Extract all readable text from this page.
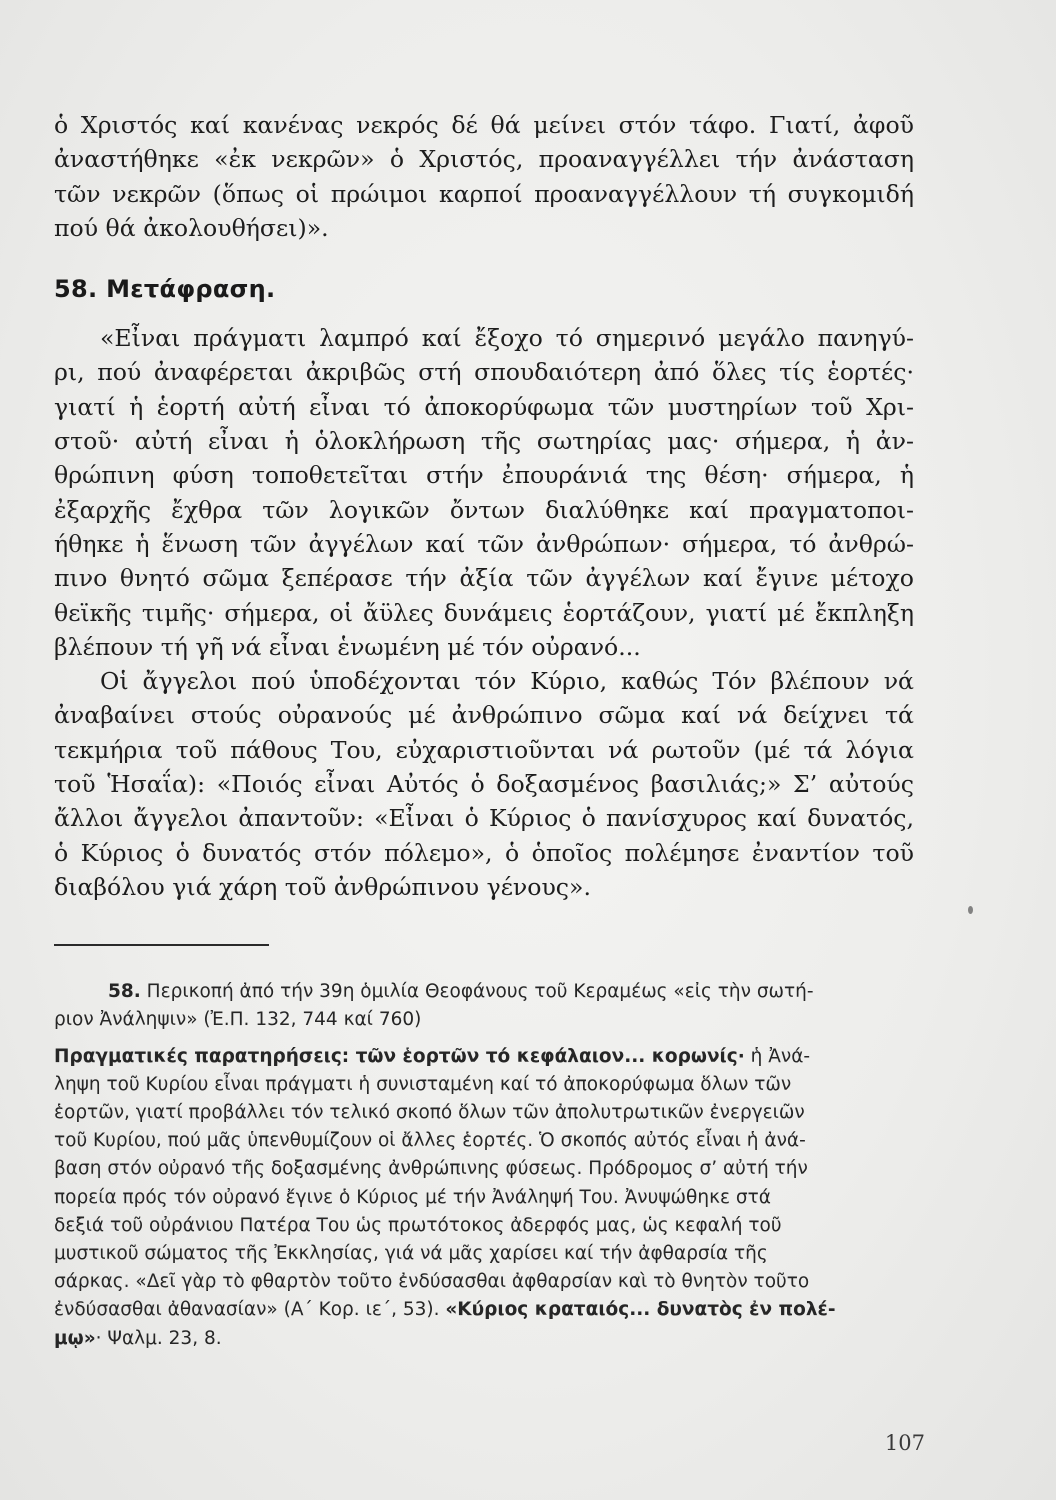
ὁ Χριστός καί κανένας νεκρός δέ θά μείνει στόν τάφο. Γιατί, ἀφοῦ
ἀναστήθηκε «ἐκ νεκρῶν» ὁ Χριστός, προαναγγέλλει τήν ἀνάσταση
τῶν νεκρῶν (ὅπως οἱ πρώιμοι καρποί προαναγγέλλουν τή συγκομιδή
πού θά ἀκολουθήσει)».
58. Μετάφραση.
«Εἶναι πράγματι λαμπρό καί ἔξοχο τό σημερινό μεγάλο πανηγύ-
ρι, πού ἀναφέρεται ἀκριβῶς στή σπουδαιότερη ἀπό ὅλες τίς ἑορτές·
γιατί ἡ ἑορτή αὐτή εἶναι τό ἀποκορύφωμα τῶν μυστηρίων τοῦ Χρι-
στοῦ· αὐτή εἶναι ἡ ὁλοκλήρωση τῆς σωτηρίας μας· σήμερα, ἡ ἀν-
θρώπινη φύση τοποθετεῖται στήν ἐπουράνιά της θέση· σήμερα, ἡ
ἐξαρχῆς ἔχθρα τῶν λογικῶν ὄντων διαλύθηκε καί πραγματοποι-
ήθηκε ἡ ἕνωση τῶν ἀγγέλων καί τῶν ἀνθρώπων· σήμερα, τό ἀνθρώ-
πινο θνητό σῶμα ξεπέρασε τήν ἀξία τῶν ἀγγέλων καί ἔγινε μέτοχο
θεϊκῆς τιμῆς· σήμερα, οἱ ἄϋλες δυνάμεις ἑορτάζουν, γιατί μέ ἔκπληξη
βλέπουν τή γῆ νά εἶναι ἑνωμένη μέ τόν οὐρανό...
Οἱ ἄγγελοι πού ὑποδέχονται τόν Κύριο, καθώς Τόν βλέπουν νά
ἀναβαίνει στούς οὐρανούς μέ ἀνθρώπινο σῶμα καί νά δείχνει τά
τεκμήρια τοῦ πάθους Του, εὐχαριστιοῦνται νά ρωτοῦν (μέ τά λόγια
τοῦ Ἡσαΐα): «Ποιός εἶναι Αὐτός ὁ δοξασμένος βασιλιάς;» Σ’ αὐτούς
ἄλλοι ἄγγελοι ἀπαντοῦν: «Εἶναι ὁ Κύριος ὁ πανίσχυρος καί δυνατός,
ὁ Κύριος ὁ δυνατός στόν πόλεμο», ὁ ὁποῖος πολέμησε ἐναντίον τοῦ
διαβόλου γιά χάρη τοῦ ἀνθρώπινου γένους».
58. Περικοπή ἀπό τήν 39η ὁμιλία Θεοφάνους τοῦ Κεραμέως «εἰς τὴν σωτή-
ριον Ἀνάληψιν» (Ἐ.Π. 132, 744 καί 760)
Πραγματικές παρατηρήσεις: τῶν ἑορτῶν τό κεφάλαιον... κορωνίς· ἡ Ἀνά-
ληψη τοῦ Κυρίου εἶναι πράγματι ἡ συνισταμένη καί τό ἀποκορύφωμα ὅλων τῶν
ἑορτῶν, γιατί προβάλλει τόν τελικό σκοπό ὅλων τῶν ἀπολυτρωτικῶν ἐνεργειῶν
τοῦ Κυρίου, πού μᾶς ὑπενθυμίζουν οἱ ἄλλες ἑορτές. Ὁ σκοπός αὐτός εἶναι ἡ ἀνά-
βαση στόν οὐρανό τῆς δοξασμένης ἀνθρώπινης φύσεως. Πρόδρομος σ’ αὐτή τήν
πορεία πρός τόν οὐρανό ἔγινε ὁ Κύριος μέ τήν Ἀνάληψή Του. Ἀνυψώθηκε στά
δεξιά τοῦ οὐράνιου Πατέρα Του ὡς πρωτότοκος ἀδερφός μας, ὡς κεφαλή τοῦ
μυστικοῦ σώματος τῆς Ἐκκλησίας, γιά νά μᾶς χαρίσει καί τήν ἀφθαρσία τῆς
σάρκας. «Δεῖ γὰρ τὸ φθαρτὸν τοῦτο ἐνδύσασθαι ἀφθαρσίαν καὶ τὸ θνητὸν τοῦτο
ἐνδύσασθαι ἀθανασίαν» (Α΄ Κορ. ιε΄, 53). «Κύριος κραταιός... δυνατὸς ἐν πολέ-
μῳ»· Ψαλμ. 23, 8.
107
